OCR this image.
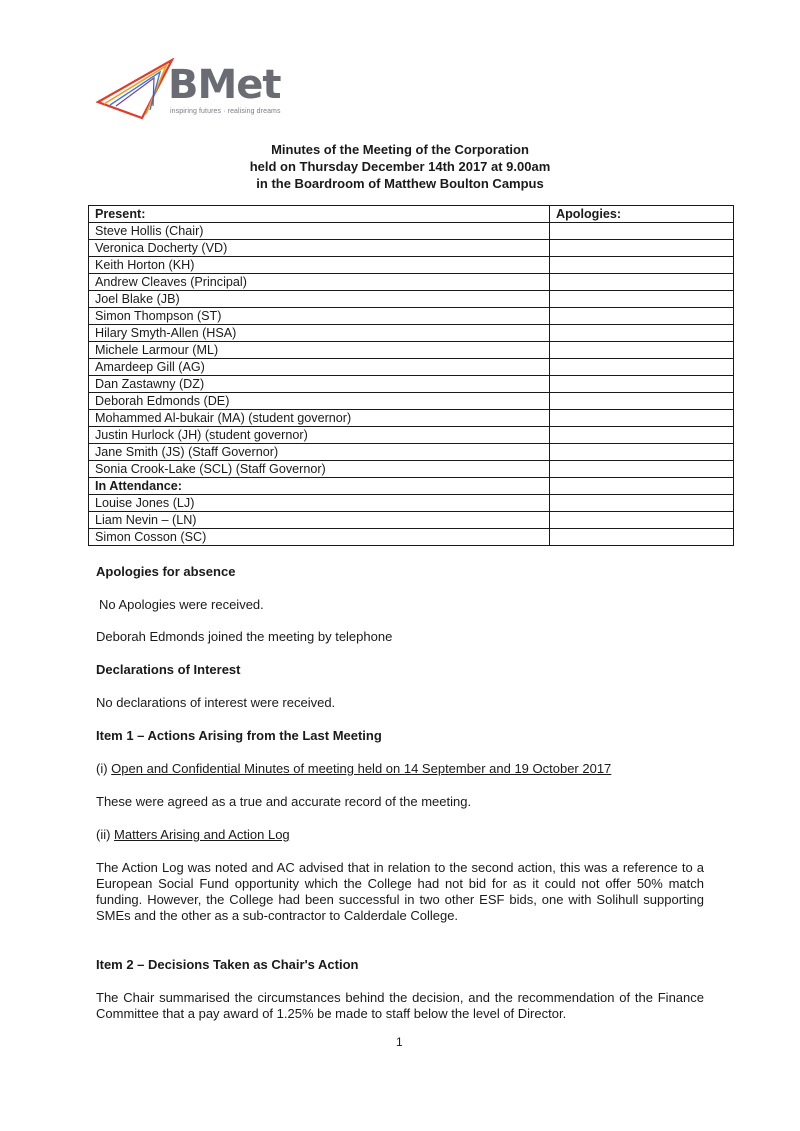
BMet
inspiring futures · realising dreams
Minutes of the Meeting of the Corporation
held on Thursday December 14th 2017 at 9.00am
in the Boardroom of Matthew Boulton Campus
Present:	Apologies:
Steve Hollis (Chair)	
Veronica Docherty (VD)	
Keith Horton (KH)	
Andrew Cleaves (Principal)	
Joel Blake (JB)	
Simon Thompson (ST)	
Hilary Smyth-Allen (HSA)	
Michele Larmour (ML)	
Amardeep Gill (AG)	
Dan Zastawny (DZ)	
Deborah Edmonds (DE)	
Mohammed Al-bukair (MA) (student governor)	
Justin Hurlock (JH) (student governor)	
Jane Smith (JS) (Staff Governor)	
Sonia Crook-Lake (SCL) (Staff Governor)	
In Attendance:	
Louise Jones (LJ)	
Liam Nevin – (LN)	
Simon Cosson (SC)	
Apologies for absence
No Apologies were received.
Deborah Edmonds joined the meeting by telephone
Declarations of Interest
No declarations of interest were received.
Item 1 – Actions Arising from the Last Meeting
(i) Open and Confidential Minutes of meeting held on 14 September and 19 October 2017
These were agreed as a true and accurate record of the meeting.
(ii) Matters Arising and Action Log
The Action Log was noted and AC advised that in relation to the second action, this was a reference to a European Social Fund opportunity which the College had not bid for as it could not offer 50% match funding. However, the College had been successful in two other ESF bids, one with Solihull supporting SMEs and the other as a sub-contractor to Calderdale College.
Item 2 – Decisions Taken as Chair's Action
The Chair summarised the circumstances behind the decision, and the recommendation of the Finance Committee that a pay award of 1.25% be made to staff below the level of Director.
1
